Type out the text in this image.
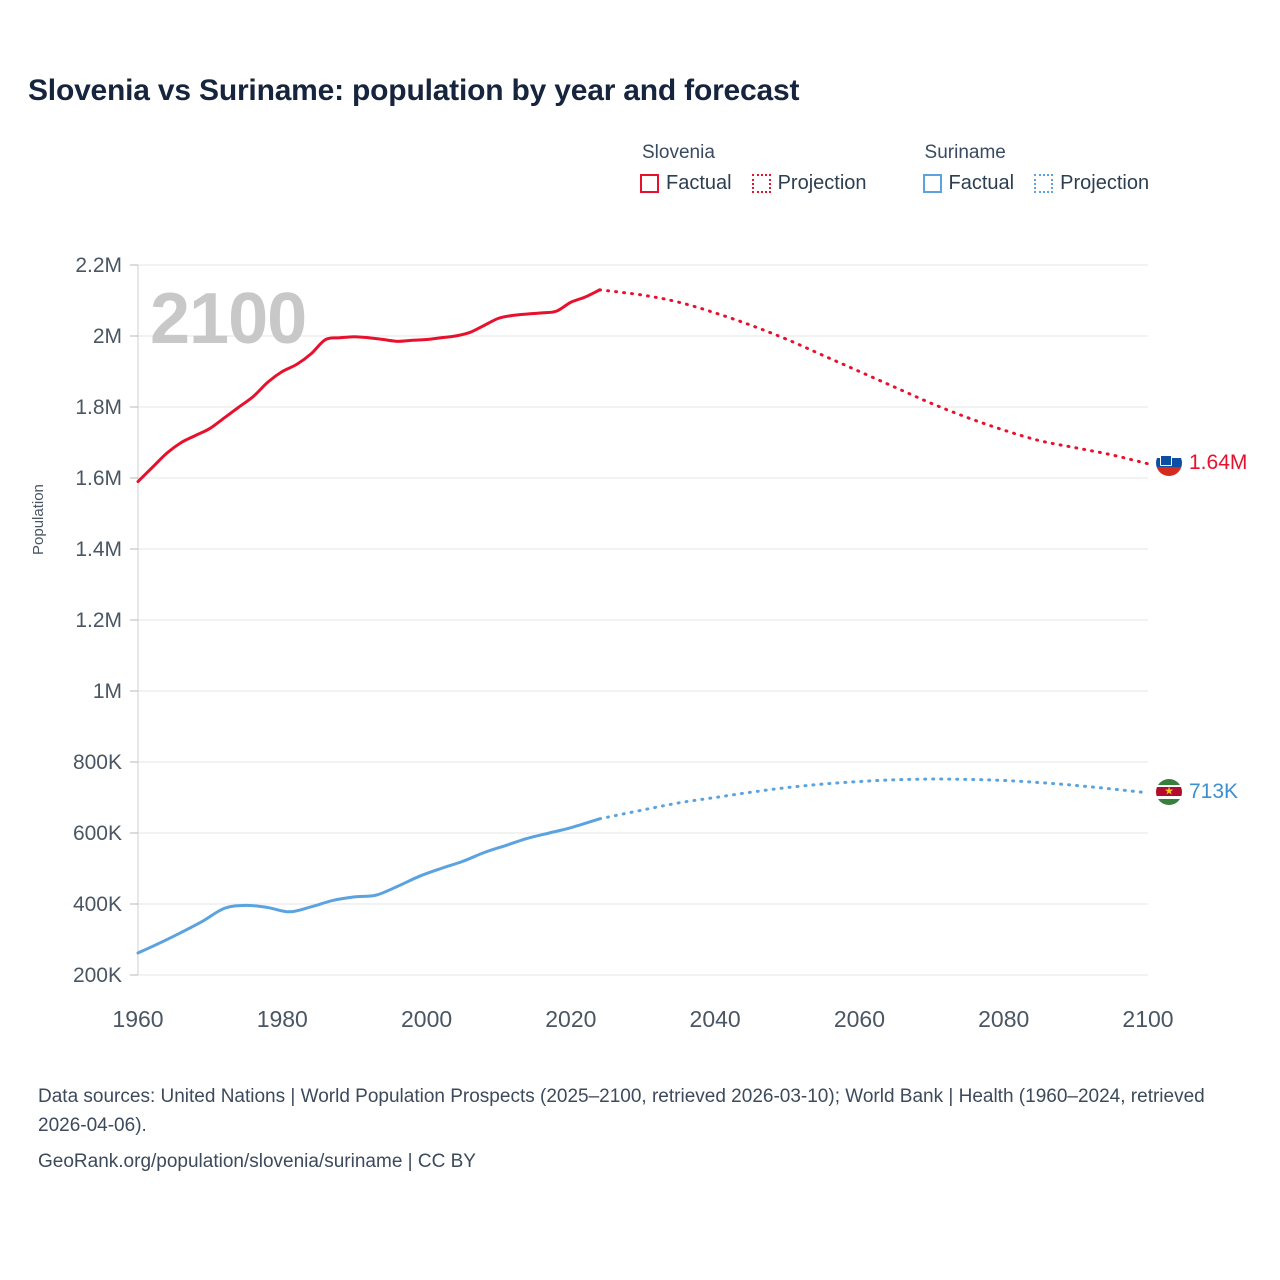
Slovenia vs Suriname: population by year and forecast
Slovenia
Factual Projection
Suriname
Factual Projection
200K
400K
600K
800K
1M
1.2M
1.4M
1.6M
1.8M
2M
2.2M
1960	1980	2000	2020	2040	2060	2080	2100
Population
2100
1.64M
★ 713K
Data sources: United Nations | World Population Prospects (2025–2100, retrieved 2026-03-10); World Bank | Health (1960–2024, retrieved 2026-04-06).
GeoRank.org/population/slovenia/suriname | CC BY
